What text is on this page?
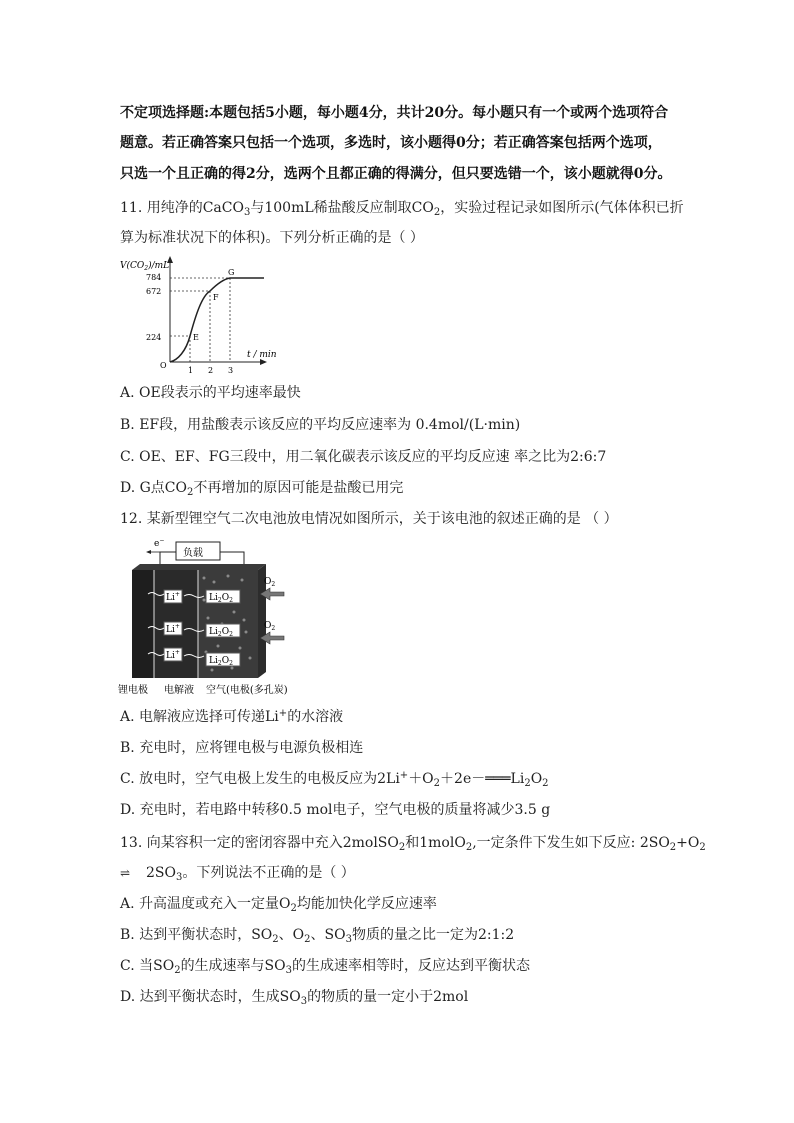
不定项选择题:本题包括5小题，每小题4分，共计20分。每小题只有一个或两个选项符合
题意。若正确答案只包括一个选项，多选时，该小题得0分；若正确答案包括两个选项，
只选一个且正确的得2分，选两个且都正确的得满分，但只要选错一个，该小题就得0分。
11. 用纯净的CaCO$_3$与100mL稀盐酸反应制取$CO_2$，实验过程记录如图所示(气体体积已折
算为标准状况下的体积)。下列分析正确的是（ ）
$V(CO_2)/mL$
t / min
784
672
224
1 2 3
O
E
F
G
A. OE段表示的平均速率最快
B. EF段，用盐酸表示该反应的平均反应速率为 0.4mol/(L·min)
C. OE、EF、FG三段中，用二氧化碳表示该反应的平均反应速 率之比为2:6:7
D. G点$CO_2$不再增加的原因可能是盐酸已用完
12. 某新型锂空气二次电池放电情况如图所示，关于该电池的叙述正确的是 （ ）
负载
e−
Li+
Li+
Li+
$Li_2O_2$
$Li_2O_2$
$Li_2O_2$
$O_2$
$O_2$
锂电极 电解液 空气(电极(多孔炭)
A. 电解液应选择可传递Li+的水溶液
B. 充电时，应将锂电极与电源负极相连
C. 放电时，空气电极上发生的电极反应为$2Li^++O_2+2e-═══Li_2O_2$
D. 充电时，若电路中转移0.5 mol电子，空气电极的质量将减少3.5 g
13. 向某容积一定的密闭容器中充入2molSO$_2$和1molO$_2$,一定条件下发生如下反应: $2SO_2+O_2$
⇌ $2SO_3$。下列说法不正确的是（ ）
A. 升高温度或充入一定量$O_2$均能加快化学反应速率
B. 达到平衡状态时，$SO_2$、$O_2$、$SO_3$物质的量之比一定为2:1:2
C. 当$SO_2$的生成速率与$SO_3$的生成速率相等时，反应达到平衡状态
D. 达到平衡状态时，生成$SO_3$的物质的量一定小于2mol
